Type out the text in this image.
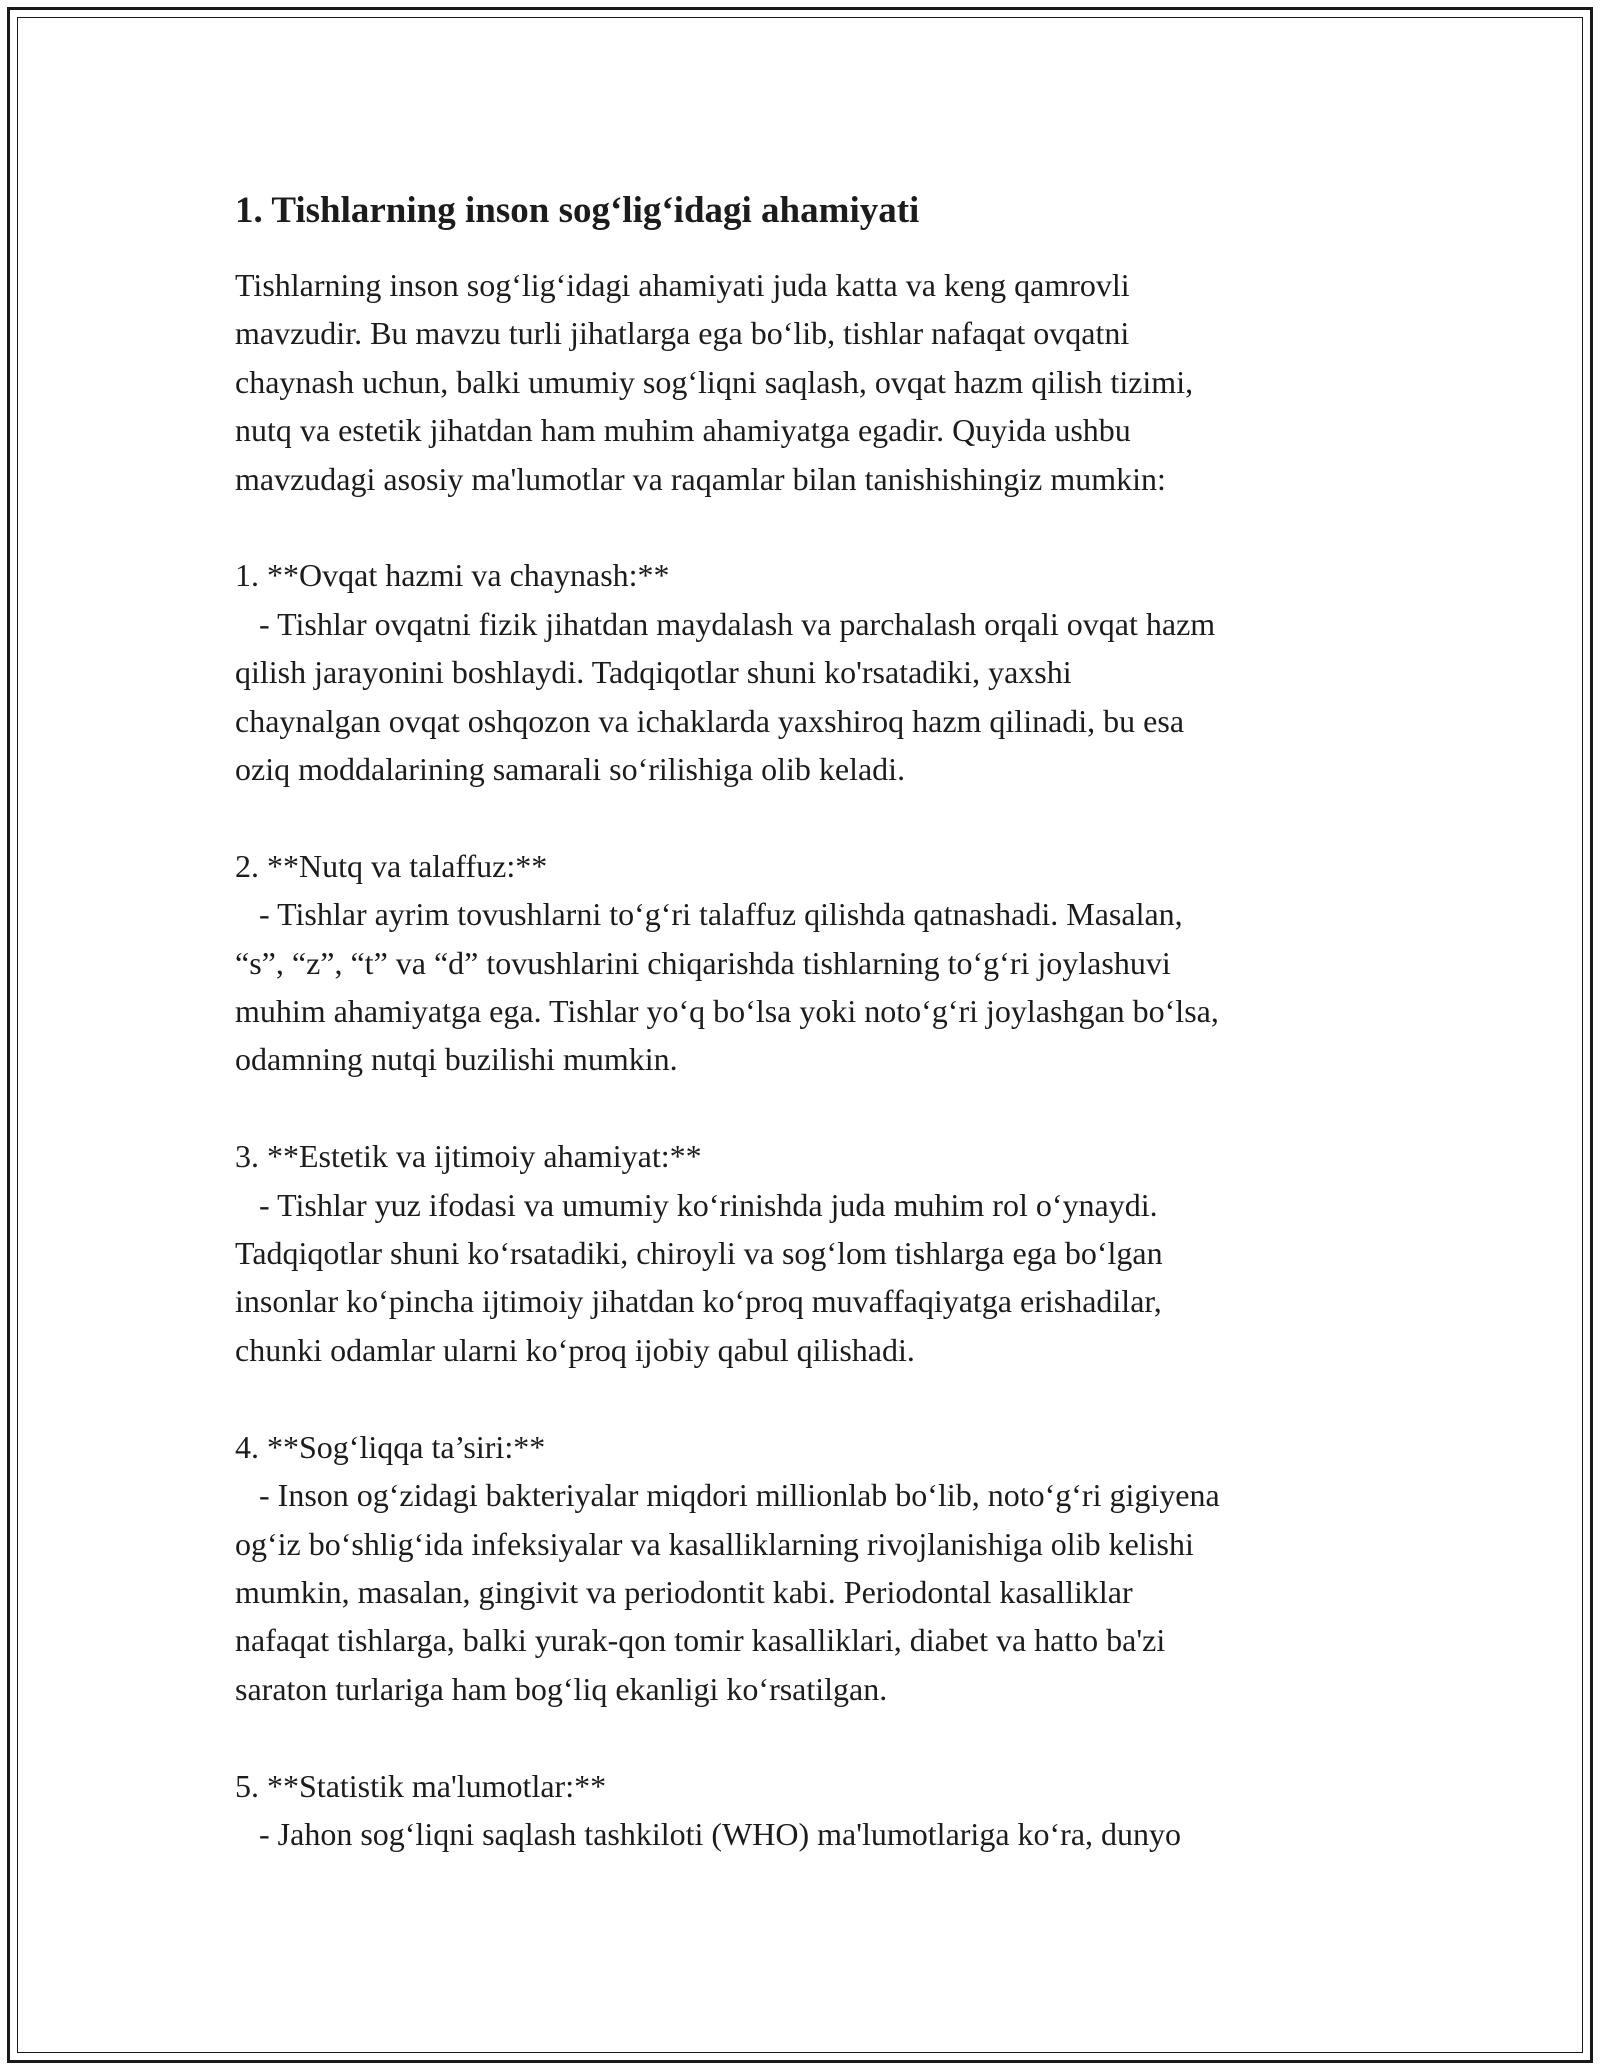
1. Tishlarning inson sog‘lig‘idagi ahamiyati

Tishlarning inson sog‘lig‘idagi ahamiyati juda katta va keng qamrovli
mavzudir. Bu mavzu turli jihatlarga ega bo‘lib, tishlar nafaqat ovqatni
chaynash uchun, balki umumiy sog‘liqni saqlash, ovqat hazm qilish tizimi,
nutq va estetik jihatdan ham muhim ahamiyatga egadir. Quyida ushbu
mavzudagi asosiy ma'lumotlar va raqamlar bilan tanishishingiz mumkin:

1. **Ovqat hazmi va chaynash:**
- Tishlar ovqatni fizik jihatdan maydalash va parchalash orqali ovqat hazm
qilish jarayonini boshlaydi. Tadqiqotlar shuni ko'rsatadiki, yaxshi
chaynalgan ovqat oshqozon va ichaklarda yaxshiroq hazm qilinadi, bu esa
oziq moddalarining samarali so‘rilishiga olib keladi.

2. **Nutq va talaffuz:**
- Tishlar ayrim tovushlarni to‘g‘ri talaffuz qilishda qatnashadi. Masalan,
“s”, “z”, “t” va “d” tovushlarini chiqarishda tishlarning to‘g‘ri joylashuvi
muhim ahamiyatga ega. Tishlar yo‘q bo‘lsa yoki noto‘g‘ri joylashgan bo‘lsa,
odamning nutqi buzilishi mumkin.

3. **Estetik va ijtimoiy ahamiyat:**
- Tishlar yuz ifodasi va umumiy ko‘rinishda juda muhim rol o‘ynaydi.
Tadqiqotlar shuni ko‘rsatadiki, chiroyli va sog‘lom tishlarga ega bo‘lgan
insonlar ko‘pincha ijtimoiy jihatdan ko‘proq muvaffaqiyatga erishadilar,
chunki odamlar ularni ko‘proq ijobiy qabul qilishadi.

4. **Sog‘liqqa ta’siri:**
- Inson og‘zidagi bakteriyalar miqdori millionlab bo‘lib, noto‘g‘ri gigiyena
og‘iz bo‘shlig‘ida infeksiyalar va kasalliklarning rivojlanishiga olib kelishi
mumkin, masalan, gingivit va periodontit kabi. Periodontal kasalliklar
nafaqat tishlarga, balki yurak-qon tomir kasalliklari, diabet va hatto ba'zi
saraton turlariga ham bog‘liq ekanligi ko‘rsatilgan.

5. **Statistik ma'lumotlar:**
- Jahon sog‘liqni saqlash tashkiloti (WHO) ma'lumotlariga ko‘ra, dunyo
